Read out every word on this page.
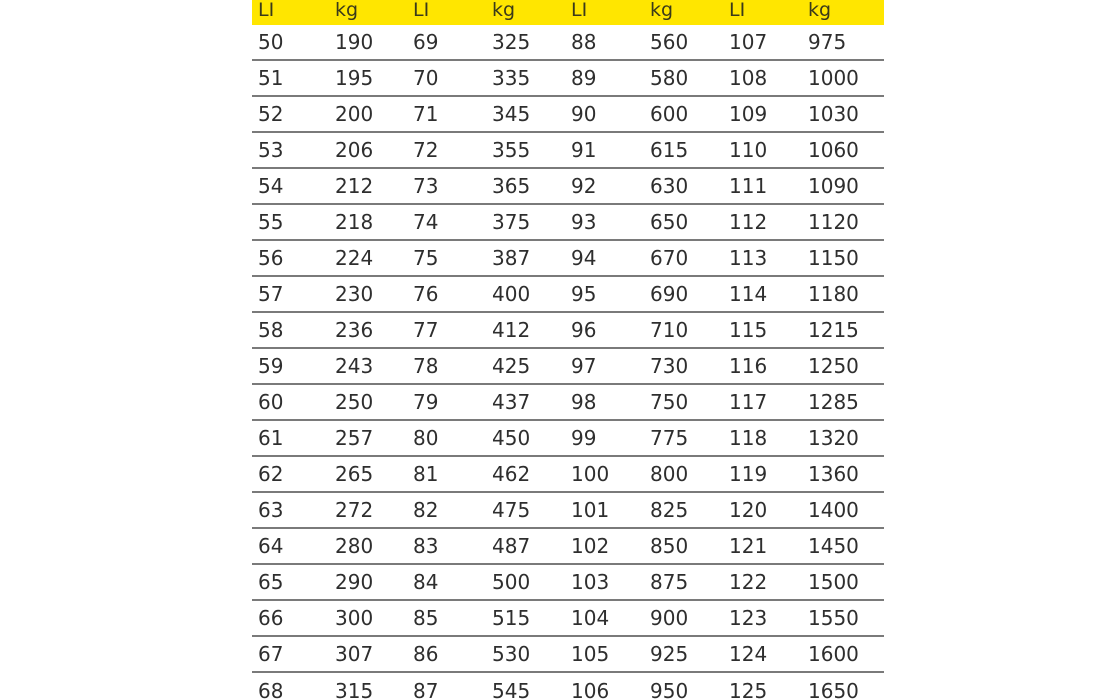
LI	kg	LI	kg	LI	kg	LI	kg
50	190	69	325	88	560	107	975
51	195	70	335	89	580	108	1000
52	200	71	345	90	600	109	1030
53	206	72	355	91	615	110	1060
54	212	73	365	92	630	111	1090
55	218	74	375	93	650	112	1120
56	224	75	387	94	670	113	1150
57	230	76	400	95	690	114	1180
58	236	77	412	96	710	115	1215
59	243	78	425	97	730	116	1250
60	250	79	437	98	750	117	1285
61	257	80	450	99	775	118	1320
62	265	81	462	100	800	119	1360
63	272	82	475	101	825	120	1400
64	280	83	487	102	850	121	1450
65	290	84	500	103	875	122	1500
66	300	85	515	104	900	123	1550
67	307	86	530	105	925	124	1600
68	315	87	545	106	950	125	1650
